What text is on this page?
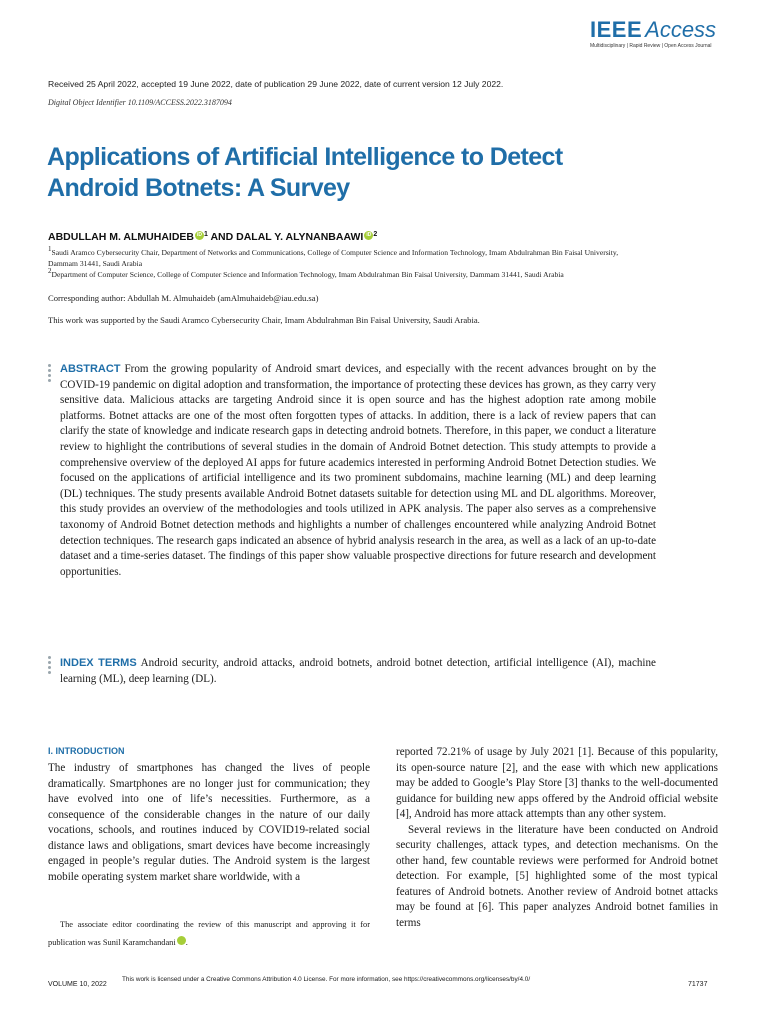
IEEE Access
Multidisciplinary | Rapid Review | Open Access Journal
Received 25 April 2022, accepted 19 June 2022, date of publication 29 June 2022, date of current version 12 July 2022.
Digital Object Identifier 10.1109/ACCESS.2022.3187094
Applications of Artificial Intelligence to Detect
Android Botnets: A Survey
ABDULLAH M. ALMUHAIDEB iD $^1$ AND DALAL Y. ALYNANBAAWI iD $^2$
1Saudi Aramco Cybersecurity Chair, Department of Networks and Communications, College of Computer Science and Information Technology, Imam Abdulrahman Bin Faisal University, Dammam 31441, Saudi Arabia
2Department of Computer Science, College of Computer Science and Information Technology, Imam Abdulrahman Bin Faisal University, Dammam 31441, Saudi Arabia
Corresponding author: Abdullah M. Almuhaideb (amAlmuhaideb@iau.edu.sa)
This work was supported by the Saudi Aramco Cybersecurity Chair, Imam Abdulrahman Bin Faisal University, Saudi Arabia.
ABSTRACT From the growing popularity of Android smart devices, and especially with the recent advances brought on by the COVID-19 pandemic on digital adoption and transformation, the importance of protecting these devices has grown, as they carry very sensitive data. Malicious attacks are targeting Android since it is open source and has the highest adoption rate among mobile platforms. Botnet attacks are one of the most often forgotten types of attacks. In addition, there is a lack of review papers that can clarify the state of knowledge and indicate research gaps in detecting android botnets. Therefore, in this paper, we conduct a literature review to highlight the contributions of several studies in the domain of Android Botnet detection. This study attempts to provide a comprehensive overview of the deployed AI apps for future academics interested in performing Android Botnet Detection studies. We focused on the applications of artificial intelligence and its two prominent subdomains, machine learning (ML) and deep learning (DL) techniques. The study presents available Android Botnet datasets suitable for detection using ML and DL algorithms. Moreover, this study provides an overview of the methodologies and tools utilized in APK analysis. The paper also serves as a comprehensive taxonomy of Android Botnet detection methods and highlights a number of challenges encountered while analyzing Android Botnet detection techniques. The research gaps indicated an absence of hybrid analysis research in the area, as well as a lack of an up-to-date dataset and a time-series dataset. The findings of this paper show valuable prospective directions for future research and development opportunities.
INDEX TERMS Android security, android attacks, android botnets, android botnet detection, artificial intelligence (AI), machine learning (ML), deep learning (DL).
I. INTRODUCTION
The industry of smartphones has changed the lives of people dramatically. Smartphones are no longer just for communication; they have evolved into one of life’s necessities. Furthermore, as a consequence of the considerable changes in the nature of our daily vocations, schools, and routines induced by COVID19-related social distance laws and obligations, smart devices have become increasingly engaged in people’s regular duties. The Android system is the largest mobile operating system market share worldwide, with a
The associate editor coordinating the review of this manuscript and approving it for publication was Sunil Karamchandani	iD.

reported 72.21% of usage by July 2021 [1]. Because of this popularity, its open-source nature [2], and the ease with which new applications may be added to Google’s Play Store [3] thanks to the well-documented guidance for building new apps offered by the Android official website [4], Android has more attack attempts than any other system.

Several reviews in the literature have been conducted on Android security challenges, attack types, and detection mechanisms. On the other hand, few countable reviews were performed for Android botnet detection. For example, [5] highlighted some of the most typical features of Android botnets. Another review of Android botnet attacks may be found at [6]. This paper analyzes Android botnet families in terms

VOLUME 10, 2022
This work is licensed under a Creative Commons Attribution 4.0 License. For more information, see https://creativecommons.org/licenses/by/4.0/
71737
